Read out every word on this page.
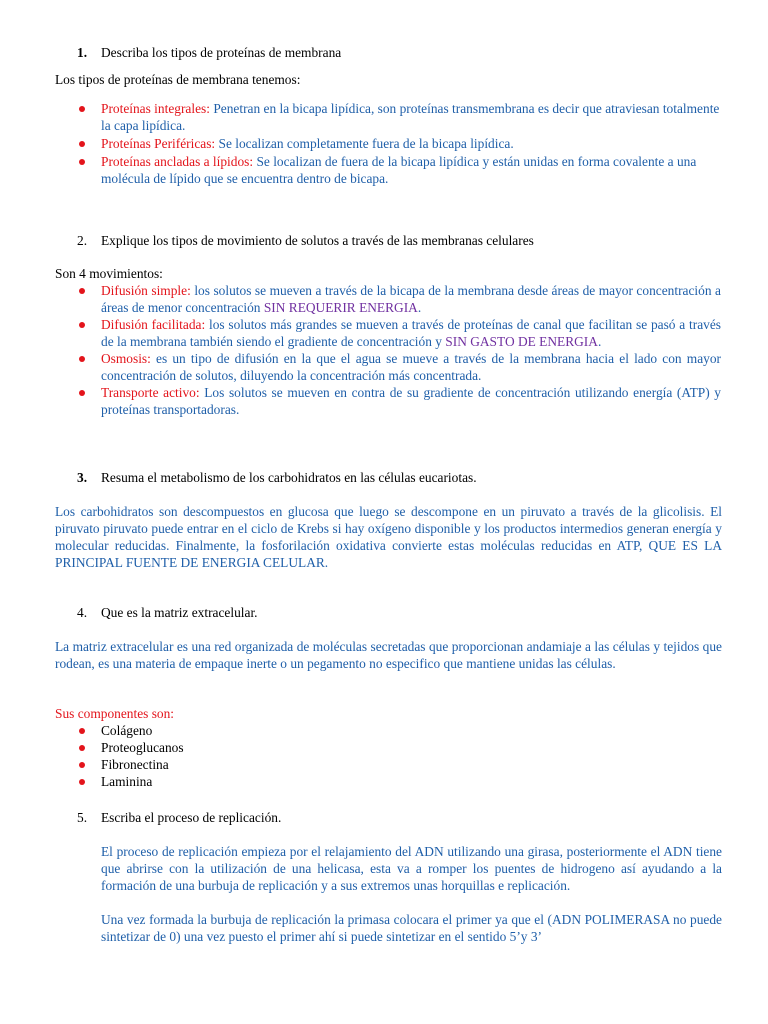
1. Describa los tipos de proteínas de membrana
Los tipos de proteínas de membrana tenemos:
Proteínas integrales: Penetran en la bicapa lipídica, son proteínas transmembrana es decir que atraviesan totalmente la capa lipídica.
Proteínas Periféricas: Se localizan completamente fuera de la bicapa lipídica.
Proteínas ancladas a lípidos: Se localizan de fuera de la bicapa lipídica y están unidas en forma covalente a una molécula de lípido que se encuentra dentro de bicapa.
2. Explique los tipos de movimiento de solutos a través de las membranas celulares
Son 4 movimientos:
Difusión simple: los solutos se mueven a través de la bicapa de la membrana desde áreas de mayor concentración a áreas de menor concentración SIN REQUERIR ENERGIA.
Difusión facilitada: los solutos más grandes se mueven a través de proteínas de canal que facilitan se pasó a través de la membrana también siendo el gradiente de concentración y SIN GASTO DE ENERGIA.
Osmosis: es un tipo de difusión en la que el agua se mueve a través de la membrana hacia el lado con mayor concentración de solutos, diluyendo la concentración más concentrada.
Transporte activo: Los solutos se mueven en contra de su gradiente de concentración utilizando energía (ATP) y proteínas transportadoras.
3. Resuma el metabolismo de los carbohidratos en las células eucariotas.
Los carbohidratos son descompuestos en glucosa que luego se descompone en un piruvato a través de la glicolisis. El piruvato piruvato puede entrar en el ciclo de Krebs si hay oxígeno disponible y los productos intermedios generan energía y molecular reducidas. Finalmente, la fosforilación oxidativa convierte estas moléculas reducidas en ATP, QUE ES LA PRINCIPAL FUENTE DE ENERGIA CELULAR.
4. Que es la matriz extracelular.
La matriz extracelular es una red organizada de moléculas secretadas que proporcionan andamiaje a las células y tejidos que rodean, es una materia de empaque inerte o un pegamento no especifico que mantiene unidas las células.
Sus componentes son:
Colágeno
Proteoglucanos
Fibronectina
Laminina
5. Escriba el proceso de replicación.
El proceso de replicación empieza por el relajamiento del ADN utilizando una girasa, posteriormente el ADN tiene que abrirse con la utilización de una helicasa, esta va a romper los puentes de hidrogeno así ayudando a la formación de una burbuja de replicación y a sus extremos unas horquillas e replicación.
Una vez formada la burbuja de replicación la primasa colocara el primer ya que el (ADN POLIMERASA no puede sintetizar de 0) una vez puesto el primer ahí si puede sintetizar en el sentido 5’y 3’
